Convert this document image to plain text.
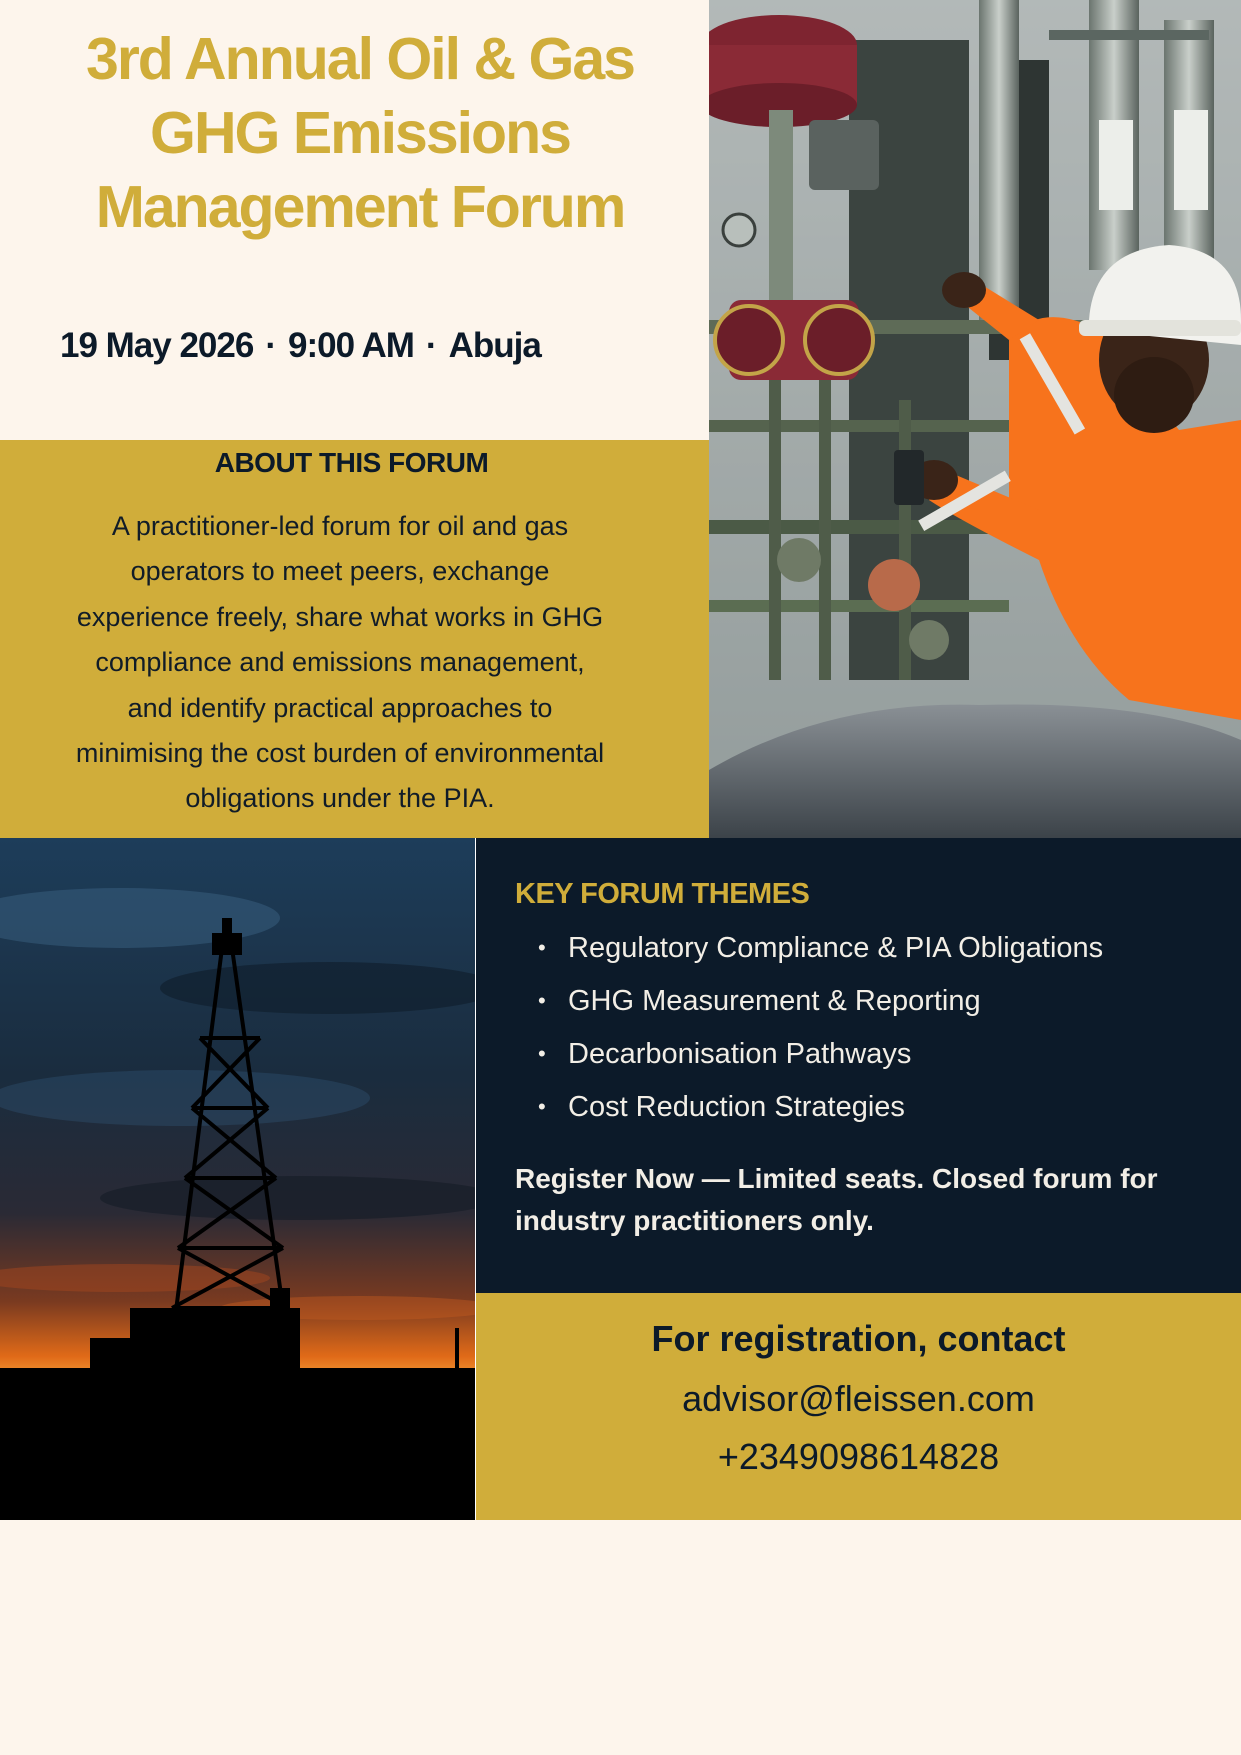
3rd Annual Oil & Gas
GHG Emissions
Management Forum
19 May 2026 · 9:00 AM · Abuja
ABOUT THIS FORUM
A practitioner-led forum for oil and gas
operators to meet peers, exchange
experience freely, share what works in GHG
compliance and emissions management,
and identify practical approaches to
minimising the cost burden of environmental
obligations under the PIA.
KEY FORUM THEMES
• Regulatory Compliance & PIA Obligations
• GHG Measurement & Reporting
• Decarbonisation Pathways
• Cost Reduction Strategies
Register Now — Limited seats. Closed forum for industry practitioners only.
For registration, contact
advisor@fleissen.com
+2349098614828
